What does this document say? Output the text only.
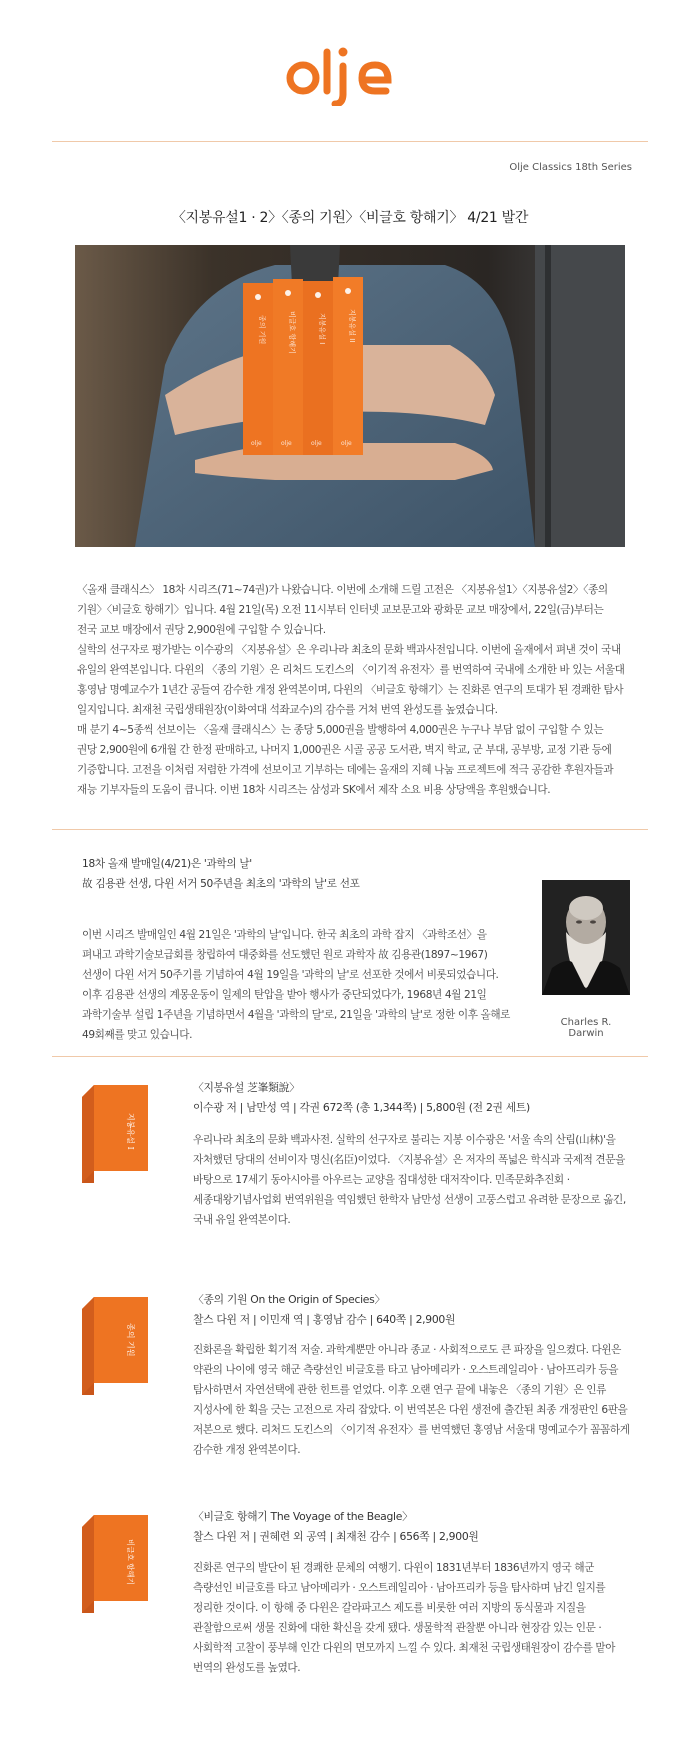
olje
Olje Classics 18th Series
〈지봉유설1 · 2〉〈종의 기원〉〈비글호 항해기〉 4/21 발간
종의 기원	비글호 항해기	지봉유설 I	지봉유설 II
olje	olje	olje	olje

〈올재 클래식스〉 18차 시리즈(71~74권)가 나왔습니다. 이번에 소개해 드릴 고전은 〈지봉유설1〉〈지봉유설2〉〈종의 기원〉〈비글호 항해기〉입니다. 4월 21일(목) 오전 11시부터 인터넷 교보문고와 광화문 교보 매장에서, 22일(금)부터는 전국 교보 매장에서 권당 2,900원에 구입할 수 있습니다.

실학의 선구자로 평가받는 이수광의 〈지봉유설〉은 우리나라 최초의 문화 백과사전입니다. 이번에 올재에서 펴낸 것이 국내 유일의 완역본입니다. 다윈의 〈종의 기원〉은 리처드 도킨스의 〈이기적 유전자〉를 번역하여 국내에 소개한 바 있는 서울대 홍영남 명예교수가 1년간 공들여 감수한 개정 완역본이며, 다윈의 〈비글호 항해기〉는 진화론 연구의 토대가 된 경쾌한 탐사 일지입니다. 최재천 국립생태원장(이화여대 석좌교수)의 감수를 거쳐 번역 완성도를 높였습니다.

매 분기 4~5종씩 선보이는 〈올재 클래식스〉는 종당 5,000권을 발행하여 4,000권은 누구나 부담 없이 구입할 수 있는 권당 2,900원에 6개월 간 한정 판매하고, 나머지 1,000권은 시골 공공 도서관, 벽지 학교, 군 부대, 공부방, 교정 기관 등에 기증합니다. 고전을 이처럼 저렴한 가격에 선보이고 기부하는 데에는 올재의 지혜 나눔 프로젝트에 적극 공감한 후원자들과 재능 기부자들의 도움이 큽니다. 이번 18차 시리즈는 삼성과 SK에서 제작 소요 비용 상당액을 후원했습니다.

18차 올재 발매일(4/21)은 '과학의 날'

故 김용관 선생, 다윈 서거 50주년을 최초의 '과학의 날'로 선포

이번 시리즈 발매일인 4월 21일은 '과학의 날'입니다. 한국 최초의 과학 잡지 〈과학조선〉을 펴내고 과학기술보급회를 창립하여 대중화를 선도했던 원로 과학자 故 김용관(1897~1967) 선생이 다윈 서거 50주기를 기념하여 4월 19일을 '과학의 날'로 선포한 것에서 비롯되었습니다. 이후 김용관 선생의 계몽운동이 일제의 탄압을 받아 행사가 중단되었다가, 1968년 4월 21일 과학기술부 설립 1주년을 기념하면서 4월을 '과학의 달'로, 21일을 '과학의 날'로 정한 이후 올해로 49회째를 맞고 있습니다.
Charles R. Darwin
지봉유설 I

〈지봉유설 芝峯類說〉

이수광 저 | 남만성 역 | 각권 672쪽 (총 1,344쪽) | 5,800원 (전 2권 세트)

우리나라 최초의 문화 백과사전. 실학의 선구자로 불리는 지봉 이수광은 '서울 속의 산림(山林)'을 자처했던 당대의 선비이자 명신(名臣)이었다. 〈지봉유설〉은 저자의 폭넓은 학식과 국제적 견문을 바탕으로 17세기 동아시아를 아우르는 교양을 집대성한 대저작이다. 민족문화추진회 · 세종대왕기념사업회 번역위원을 역임했던 한학자 남만성 선생이 고풍스럽고 유려한 문장으로 옮긴, 국내 유일 완역본이다.
종의 기원

〈종의 기원 On the Origin of Species〉

찰스 다윈 저 | 이민재 역 | 홍영남 감수 | 640쪽 | 2,900원

진화론을 확립한 획기적 저술. 과학계뿐만 아니라 종교 · 사회적으로도 큰 파장을 일으켰다. 다윈은 약관의 나이에 영국 해군 측량선인 비글호를 타고 남아메리카 · 오스트레일리아 · 남아프리카 등을 탐사하면서 자연선택에 관한 힌트를 얻었다. 이후 오랜 연구 끝에 내놓은 〈종의 기원〉은 인류 지성사에 한 획을 긋는 고전으로 자리 잡았다. 이 번역본은 다윈 생전에 출간된 최종 개정판인 6판을 저본으로 했다. 리처드 도킨스의 〈이기적 유전자〉를 번역했던 홍영남 서울대 명예교수가 꼼꼼하게 감수한 개정 완역본이다.
비글호 항해기

〈비글호 항해기 The Voyage of the Beagle〉

찰스 다윈 저 | 권혜련 외 공역 | 최재천 감수 | 656쪽 | 2,900원

진화론 연구의 발단이 된 경쾌한 문체의 여행기. 다윈이 1831년부터 1836년까지 영국 해군 측량선인 비글호를 타고 남아메리카 · 오스트레일리아 · 남아프리카 등을 탐사하며 남긴 일지를 정리한 것이다. 이 항해 중 다윈은 갈라파고스 제도를 비롯한 여러 지방의 동식물과 지질을 관찰함으로써 생물 진화에 대한 확신을 갖게 됐다. 생물학적 관찰뿐 아니라 현장감 있는 인문 · 사회학적 고찰이 풍부해 인간 다윈의 면모까지 느낄 수 있다. 최재천 국립생태원장이 감수를 맡아 번역의 완성도를 높였다.
